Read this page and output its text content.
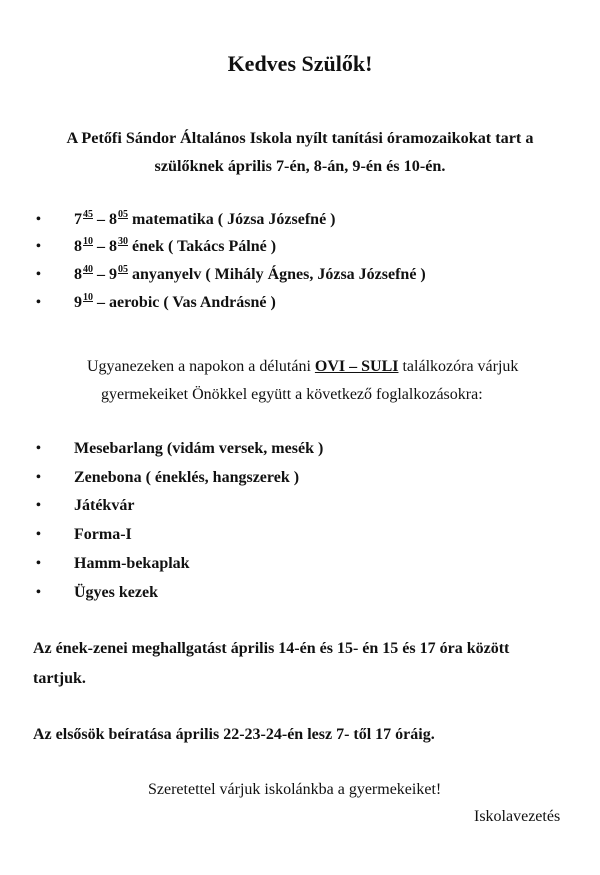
Kedves Szülők!
A Petőfi Sándor Általános Iskola nyílt tanítási óramozaikokat tart a
szülőknek április 7-én, 8-án, 9-én és 10-én.
• $7^{45} - 8^{05}$ matematika ( Józsa Józsefné )
• $8^{10} - 8^{30}$ ének ( Takács Pálné )
• $8^{40} - 9^{05}$ anyanyelv ( Mihály Ágnes, Józsa Józsefné )
• $9^{10}$ – aerobic ( Vas Andrásné )
Ugyanezeken a napokon a délutáni OVI – SULI találkozóra várjuk
gyermekeiket Önökkel együtt a következő foglalkozásokra:
• Mesebarlang (vidám versek, mesék )
• Zenebona ( éneklés, hangszerek )
• Játékvár
• Forma-I
• Hamm-bekaplak
• Ügyes kezek
Az ének-zenei meghallgatást április 14-én és 15- én 15 és 17 óra között
tartjuk.
Az elsősök beíratása április 22-23-24-én lesz 7- től 17 óráig.
Szeretettel várjuk iskolánkba a gyermekeiket!
Iskolavezetés
